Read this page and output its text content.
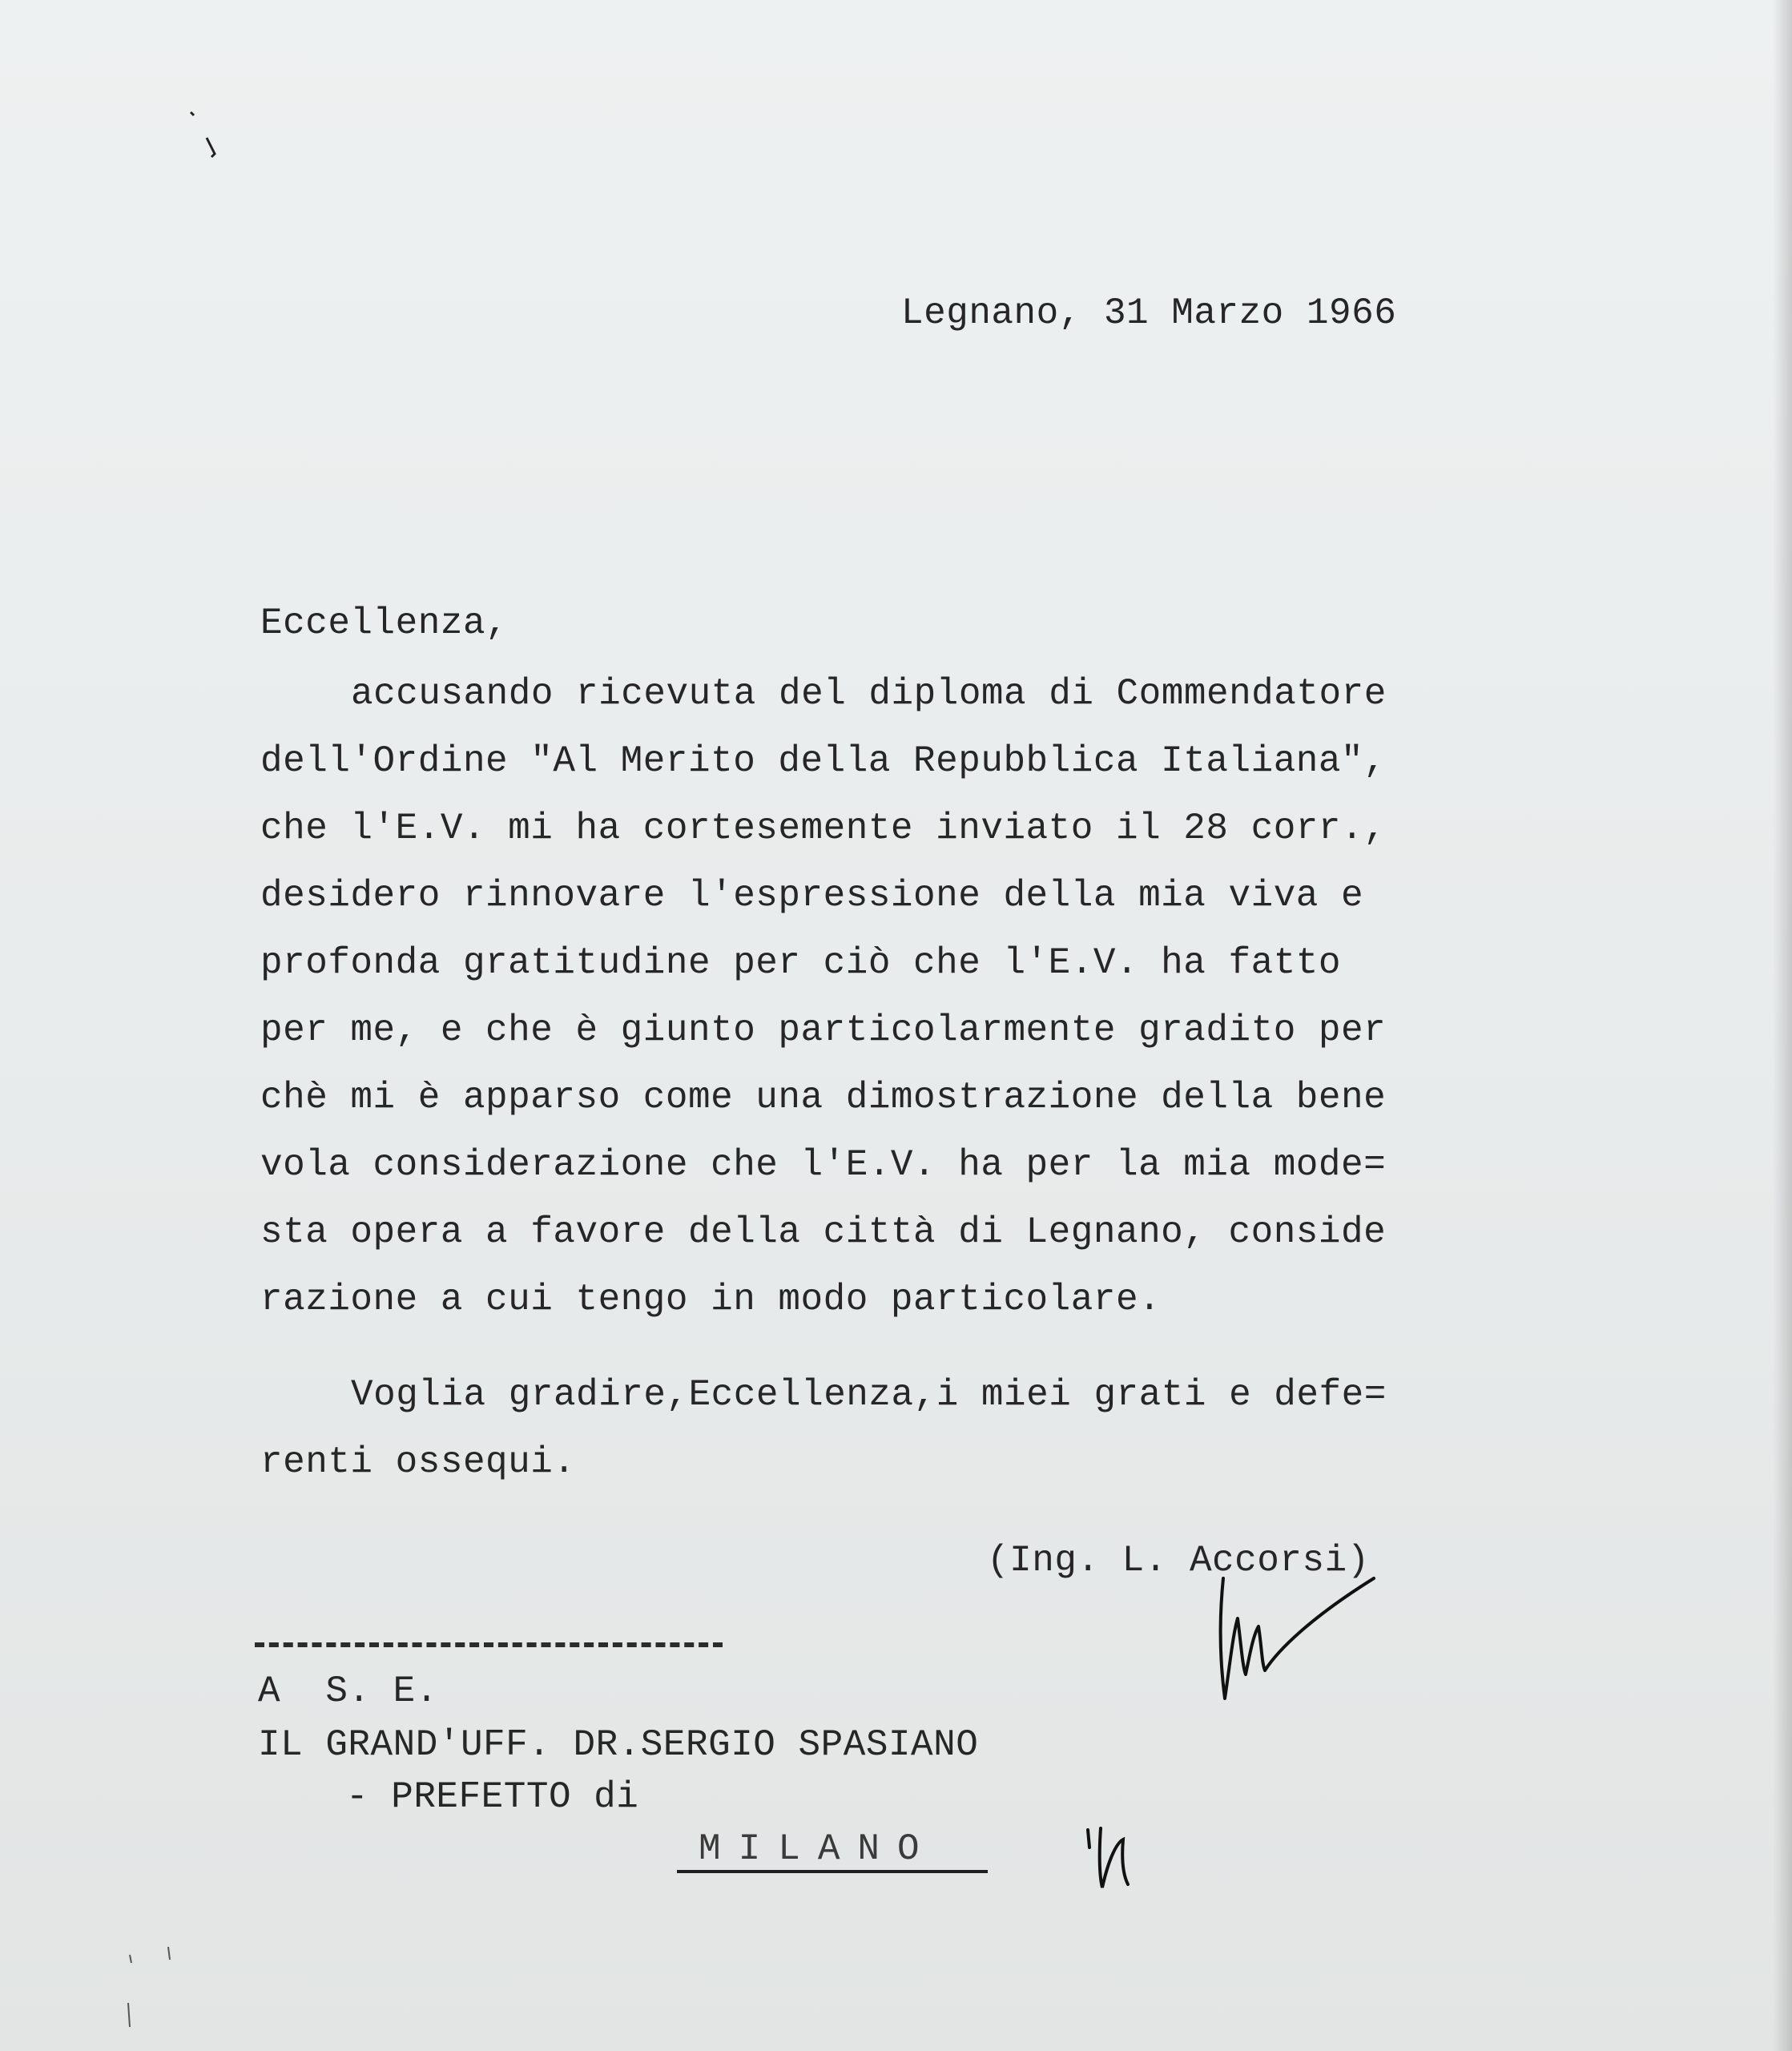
Legnano, 31 Marzo 1966
Eccellenza,
accusando ricevuta del diploma di Commendatore
dell'Ordine "Al Merito della Repubblica Italiana",
che l'E.V. mi ha cortesemente inviato il 28 corr.,
desidero rinnovare l'espressione della mia viva e
profonda gratitudine per ciò che l'E.V. ha fatto
per me, e che è giunto particolarmente gradito per
chè mi è apparso come una dimostrazione della bene
vola considerazione che l'E.V. ha per la mia mode=
sta opera a favore della città di Legnano, conside
razione a cui tengo in modo particolare.
Voglia gradire,Eccellenza,i miei grati e defe=
renti ossequi.
(Ing. L. Accorsi)
A  S. E.
IL GRAND'UFF. DR.SERGIO SPASIANO
- PREFETTO di
MILANO
